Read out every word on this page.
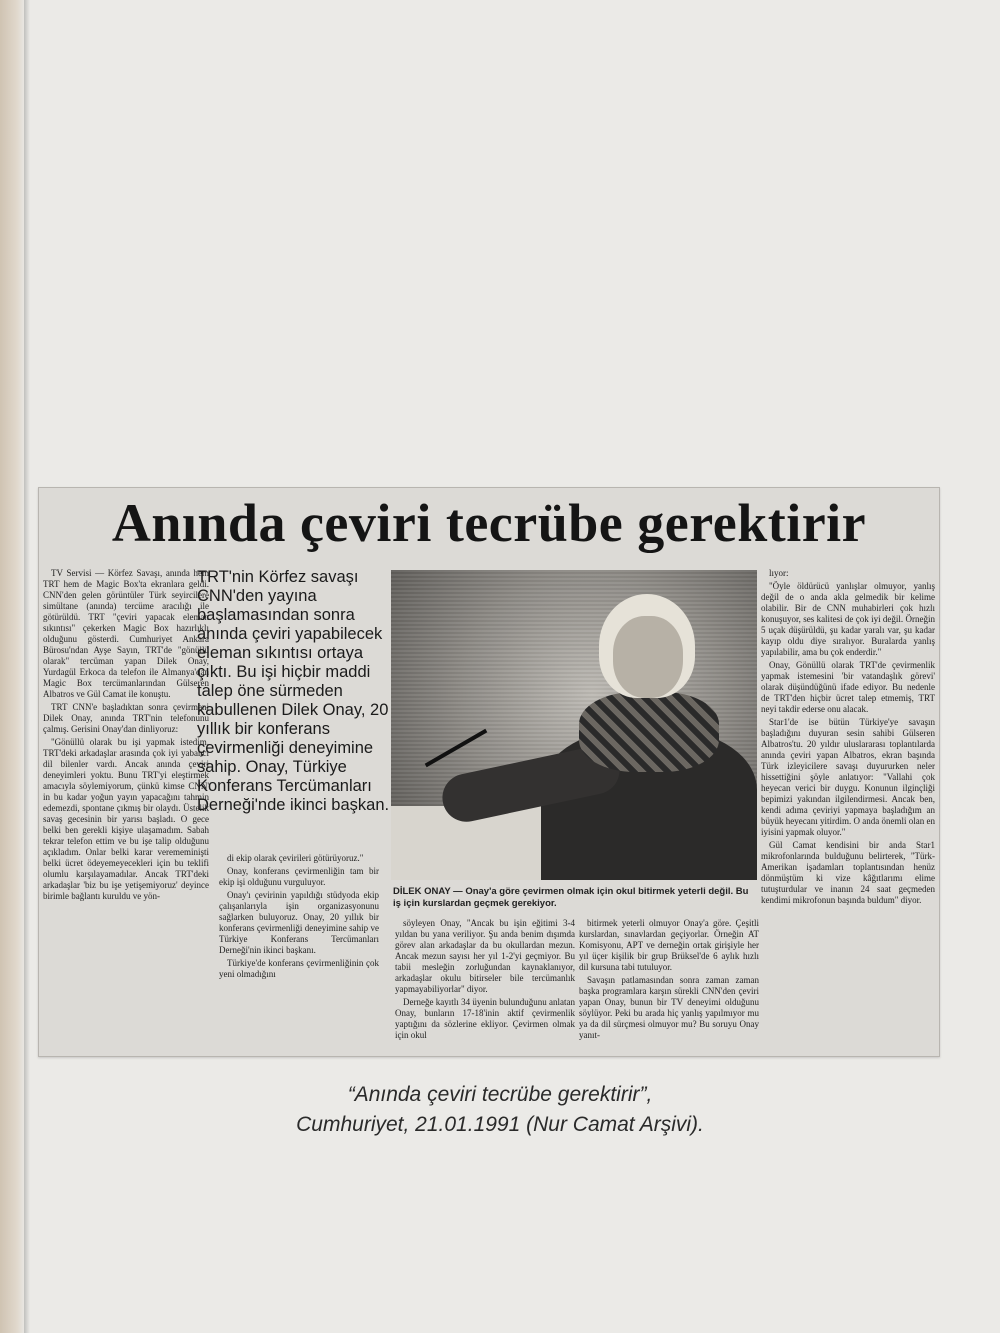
Anında çeviri tecrübe gerektirir

TV Servisi — Körfez Savaşı, anında hem TRT hem de Magic Box'ta ekranlara geldi. CNN'den gelen görüntüler Türk seyircilere simültane (anında) tercüme aracılığı ile götürüldü. TRT "çeviri yapacak eleman sıkıntısı" çekerken Magic Box hazırlıklı olduğunu gösterdi. Cumhuriyet Ankara Bürosu'ndan Ayşe Sayın, TRT'de "gönüllü olarak" tercüman yapan Dilek Onay, Yurdagül Erkoca da telefon ile Almanya'dan Magic Box tercümanlarından Gülseren Albatros ve Gül Camat ile konuştu.

TRT CNN'e başladıktan sonra çevirmeni Dilek Onay, anında TRT'nin telefonunu çalmış. Gerisini Onay'dan dinliyoruz:

"Gönüllü olarak bu işi yapmak istedim. TRT'deki arkadaşlar arasında çok iyi yabancı dil bilenler vardı. Ancak anında çeviri deneyimleri yoktu. Bunu TRT'yi eleştirmek amacıyla söylemiyorum, çünkü kimse CNN' in bu kadar yoğun yayın yapacağını tahmin edemezdi, spontane çıkmış bir olaydı. Üstelik savaş gecesinin bir yarısı başladı. O gece belki ben gerekli kişiye ulaşamadım. Sabah tekrar telefon ettim ve bu işe talip olduğunu açıkladım. Onlar belki karar verememinişti belki ücret ödeyemeyecekleri için bu teklifi olumlu karşılayamadılar. Ancak TRT'deki arkadaşlar 'biz bu işe yetişemiyoruz' deyince birimle bağlantı kuruldu ve yön-

TRT'nin Körfez savaşı CNN'den yayına başlamasından sonra anında çeviri yapabilecek eleman sıkıntısı ortaya çıktı. Bu işi hiçbir maddi talep öne sürmeden kabullenen Dilek Onay, 20 yıllık bir konferans çevirmenliği deneyimine sahip. Onay, Türkiye Konferans Tercümanları Derneği'nde ikinci başkan.

di ekip olarak çevirileri götürüyoruz."

Onay, konferans çevirmenliğin tam bir ekip işi olduğunu vurguluyor.

Onay'ı çevirinin yapıldığı stüdyoda ekip çalışanlarıyla işin organizasyonunu sağlarken buluyoruz. Onay, 20 yıllık bir konferans çevirmenliği deneyimine sahip ve Türkiye Konferans Tercümanları Derneği'nin ikinci başkanı.

Türkiye'de konferans çevirmenliğinin çok yeni olmadığını

DİLEK ONAY — Onay'a göre çevirmen olmak için okul bitirmek yeterli değil. Bu iş için kurslardan geçmek gerekiyor.

söyleyen Onay, "Ancak bu işin eğitimi 3-4 yıldan bu yana veriliyor. Şu anda benim dışımda görev alan arkadaşlar da bu okullardan mezun. Ancak mezun sayısı her yıl 1-2'yi geçmiyor. Bu tabii mesleğin zorluğundan kaynaklanıyor, arkadaşlar okulu bitirseler bile tercümanlık yapmayabiliyorlar" diyor.

Derneğe kayıtlı 34 üyenin bulunduğunu anlatan Onay, bunların 17-18'inin aktif çevirmenlik yaptığını da sözlerine ekliyor. Çevirmen olmak için okul

bitirmek yeterli olmuyor Onay'a göre. Çeşitli kurslardan, sınavlardan geçiyorlar. Örneğin AT Komisyonu, APT ve derneğin ortak girişiyle her yıl üçer kişilik bir grup Brüksel'de 6 aylık hızlı dil kursuna tabi tutuluyor.

Savaşın patlamasından sonra zaman zaman başka programlara karşın sürekli CNN'den çeviri yapan Onay, bunun bir TV deneyimi olduğunu söylüyor. Peki bu arada hiç yanlış yapılmıyor mu ya da dil sürçmesi olmuyor mu? Bu soruyu Onay yanıt-

lıyor:

"Öyle öldürücü yanlışlar olmuyor, yanlış değil de o anda akla gelmedik bir kelime olabilir. Bir de CNN muhabirleri çok hızlı konuşuyor, ses kalitesi de çok iyi değil. Örneğin 5 uçak düşürüldü, şu kadar yaralı var, şu kadar kayıp oldu diye sıralıyor. Buralarda yanlış yapılabilir, ama bu çok enderdir."

Onay, Gönüllü olarak TRT'de çevirmenlik yapmak istemesini 'bir vatandaşlık görevi' olarak düşündüğünü ifade ediyor. Bu nedenle de TRT'den hiçbir ücret talep etmemiş, TRT neyi takdir ederse onu alacak.

Star1'de ise bütün Türkiye'ye savaşın başladığını duyuran sesin sahibi Gülseren Albatros'tu. 20 yıldır uluslararası toplantılarda anında çeviri yapan Albatros, ekran başında Türk izleyicilere savaşı duyururken neler hissettiğini şöyle anlatıyor: "Vallahi çok heyecan verici bir duygu. Konunun ilginçliği bepimizi yakından ilgilendirmesi. Ancak ben, kendi adıma çeviriyi yapmaya başladığım an büyük heyecanı yitirdim. O anda önemli olan en iyisini yapmak oluyor."

Gül Camat kendisini bir anda Star1 mikrofonlarında bulduğunu belirterek, "Türk-Amerikan işadamları toplantısından henüz dönmüştüm ki vize kâğıtlarımı elime tutuşturdular ve inanın 24 saat geçmeden kendimi mikrofonun başında buldum" diyor.

“Anında çeviri tecrübe gerektirir”,
Cumhuriyet, 21.01.1991 (Nur Camat Arşivi).
